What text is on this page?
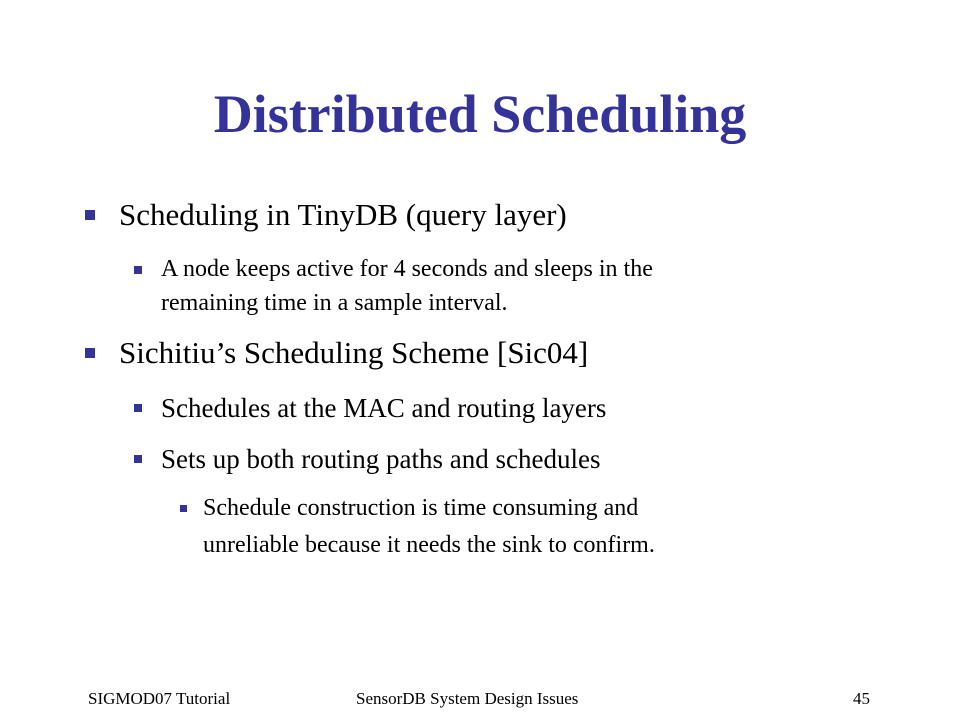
Distributed Scheduling
Scheduling in TinyDB (query layer)
A node keeps active for 4 seconds and sleeps in the
remaining time in a sample interval.
Sichitiu’s Scheduling Scheme [Sic04]
Schedules at the MAC and routing layers
Sets up both routing paths and schedules
Schedule construction is time consuming and
unreliable because it needs the sink to confirm.
SIGMOD07 Tutorial	SensorDB System Design Issues	45
